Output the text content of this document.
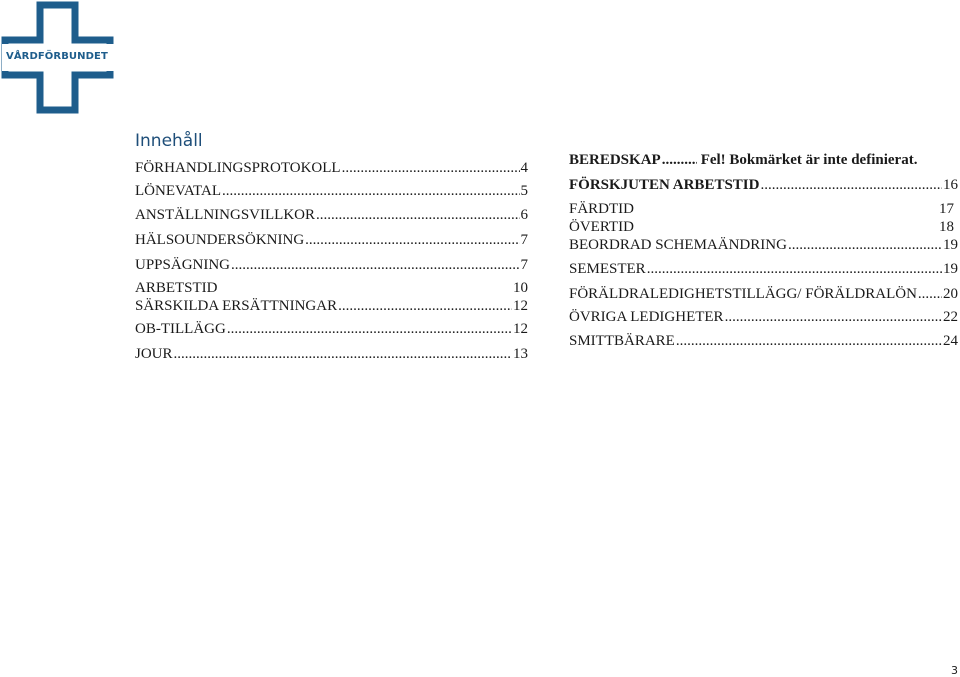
VÅRDFÖRBUNDET
Innehåll
FÖRHANDLINGSPROTOKOLL .....	4
LÖNEVATAL .....	5
ANSTÄLLNINGSVILLKOR .....	6
HÄLSOUNDERSÖKNING .....	7
UPPSÄGNING .....	7
ARBETSTID	10
SÄRSKILDA ERSÄTTNINGAR .....	12
OB-TILLÄGG .....	12
JOUR .....	13
BEREDSKAP .....	Fel! Bokmärket är inte definierat.
FÖRSKJUTEN ARBETSTID .....	16
FÄRDTID	17
ÖVERTID	18
BEORDRAD SCHEMAÄNDRING .....	19
SEMESTER .....	19
FÖRÄLDRALEDIGHETSTILLÄGG/ FÖRÄLDRALÖN ..... 20
ÖVRIGA LEDIGHETER .....	22
SMITTBÄRARE .....	24
3
